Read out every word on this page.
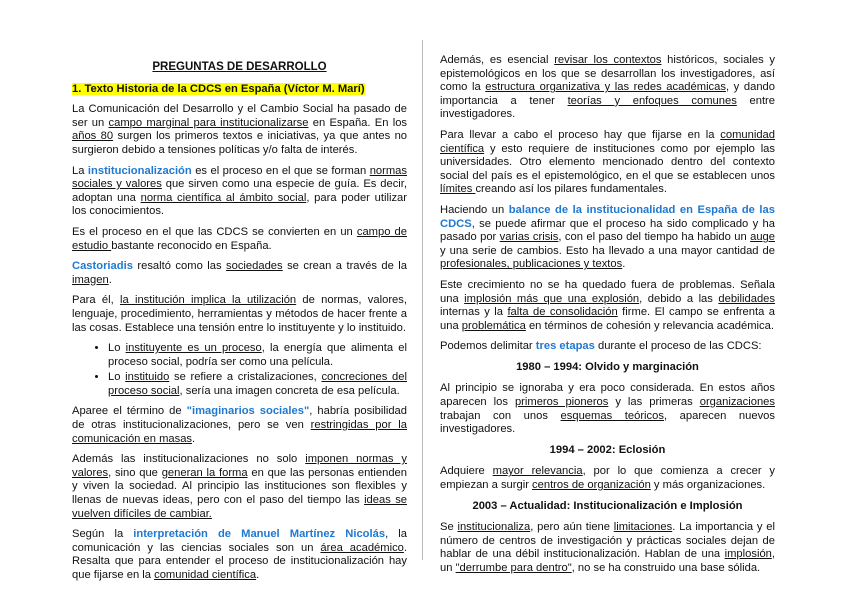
PREGUNTAS DE DESARROLLO

1. Texto Historia de la CDCS en España (Víctor M. Marí)

La Comunicación del Desarrollo y el Cambio Social ha pasado de ser un campo marginal para institucionalizarse en España. En los años 80 surgen los primeros textos e iniciativas, ya que antes no surgieron debido a tensiones políticas y/o falta de interés.

La institucionalización es el proceso en el que se forman normas sociales y valores que sirven como una especie de guía. Es decir, adoptan una norma científica al ámbito social, para poder utilizar los conocimientos.

Es el proceso en el que las CDCS se convierten en un campo de estudio bastante reconocido en España.

Castoriadis resaltó como las sociedades se crean a través de la imagen.

Para él, la institución implica la utilización de normas, valores, lenguaje, procedimiento, herramientas y métodos de hacer frente a las cosas. Establece una tensión entre lo instituyente y lo instituido.

• Lo instituyente es un proceso, la energía que alimenta el proceso social, podría ser como una película.
• Lo instituido se refiere a cristalizaciones, concreciones del proceso social, sería una imagen concreta de esa película.

Aparee el término de "imaginarios sociales", habría posibilidad de otras institucionalizaciones, pero se ven restringidas por la comunicación en masas.

Además las institucionalizaciones no solo imponen normas y valores, sino que generan la forma en que las personas entienden y viven la sociedad. Al principio las instituciones son flexibles y llenas de nuevas ideas, pero con el paso del tiempo las ideas se vuelven difíciles de cambiar.

Según la interpretación de Manuel Martínez Nicolás, la comunicación y las ciencias sociales son un área académico. Resalta que para entender el proceso de institucionalización hay que fijarse en la comunidad científica.

Además, es esencial revisar los contextos históricos, sociales y epistemológicos en los que se desarrollan los investigadores, así como la estructura organizativa y las redes académicas, y dando importancia a tener teorías y enfoques comunes entre investigadores.

Para llevar a cabo el proceso hay que fijarse en la comunidad científica y esto requiere de instituciones como por ejemplo las universidades. Otro elemento mencionado dentro del contexto social del país es el epistemológico, en el que se establecen unos límites creando así los pilares fundamentales.

Haciendo un balance de la institucionalidad en España de las CDCS, se puede afirmar que el proceso ha sido complicado y ha pasado por varias crisis, con el paso del tiempo ha habido un auge y una serie de cambios. Esto ha llevado a una mayor cantidad de profesionales, publicaciones y textos.

Este crecimiento no se ha quedado fuera de problemas. Señala una implosión más que una explosión, debido a las debilidades internas y la falta de consolidación firme. El campo se enfrenta a una problemática en términos de cohesión y relevancia académica.

Podemos delimitar tres etapas durante el proceso de las CDCS:

1980 – 1994: Olvido y marginación

Al principio se ignoraba y era poco considerada. En estos años aparecen los primeros pioneros y las primeras organizaciones trabajan con unos esquemas teóricos, aparecen nuevos investigadores.

1994 – 2002: Eclosión

Adquiere mayor relevancia, por lo que comienza a crecer y empiezan a surgir centros de organización y más organizaciones.

2003 – Actualidad: Institucionalización e Implosión

Se institucionaliza, pero aún tiene limitaciones. La importancia y el número de centros de investigación y prácticas sociales dejan de hablar de una débil institucionalización. Hablan de una implosión, un "derrumbe para dentro", no se ha construido una base sólida.
